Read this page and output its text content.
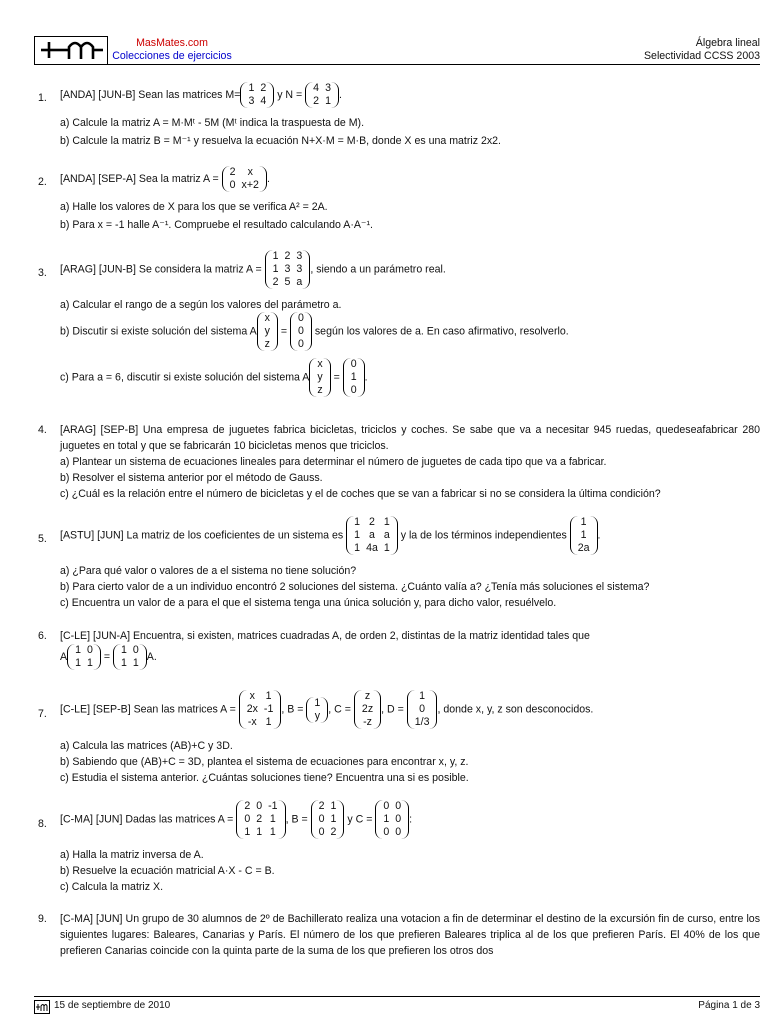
MasMates.com
Colecciones de ejercicios
Álgebra lineal
Selectividad CCSS 2003
1.	[ANDA] [JUN-B] Sean las matrices M=
1	2
3	4
y N =
4	3
2	1
.
a) Calcule la matriz A = M·Mᵗ - 5M (Mᵗ indica la traspuesta de M).
b) Calcule la matriz B = M⁻¹ y resuelva la ecuación N+X·M = M·B, donde X es una matriz 2x2.
2.	[ANDA] [SEP-A] Sea la matriz A =
2	x
0	x+2
.
a) Halle los valores de X para los que se verifica A² = 2A.
b) Para x = -1 halle A⁻¹. Compruebe el resultado calculando A·A⁻¹.
3.	[ARAG] [JUN-B] Se considera la matriz A =
1	2	3
1	3	3
2	5	a
, siendo a un parámetro real.
a) Calcular el rango de a según los valores del parámetro a.
b) Discutir si existe solución del sistema A
x
y
z
=
0
0
0
según los valores de a. En caso afirmativo, resolverlo.
c) Para a = 6, discutir si existe solución del sistema A
x
y
z
=
0
1
0
.
4.	[ARAG] [SEP-B] Una empresa de juguetes fabrica bicicletas, triciclos y coches. Se sabe que va a necesitar 945 ruedas, quedeseafabricar 280 juguetes en total y que se fabricarán 10 bicicletas menos que triciclos.
a) Plantear un sistema de ecuaciones lineales para determinar el número de juguetes de cada tipo que va a fabricar.
b) Resolver el sistema anterior por el método de Gauss.
c) ¿Cuál es la relación entre el número de bicicletas y el de coches que se van a fabricar si no se considera la última condición?
5.	[ASTU] [JUN] La matriz de los coeficientes de un sistema es
1	2	1
1	a	a
1	4a	1
y la de los términos independientes
1
1
2a
.
a) ¿Para qué valor o valores de a el sistema no tiene solución?
b) Para cierto valor de a un individuo encontró 2 soluciones del sistema. ¿Cuánto valía a? ¿Tenía más soluciones el sistema?
c) Encuentra un valor de a para el que el sistema tenga una única solución y, para dicho valor, resuélvelo.
6.	[C-LE] [JUN-A] Encuentra, si existen, matrices cuadradas A, de orden 2, distintas de la matriz identidad tales que
A
1	0
1	1
=
1	0
1	1
A.
7.	[C-LE] [SEP-B] Sean las matrices A =
x	1
2x	-1
-x	1
, B =
1
y
, C =
z
2z
-z
, D =
1
0
1/3
, donde x, y, z son desconocidos.
a) Calcula las matrices (AB)+C y 3D.
b) Sabiendo que (AB)+C = 3D, plantea el sistema de ecuaciones para encontrar x, y, z.
c) Estudia el sistema anterior. ¿Cuántas soluciones tiene? Encuentra una si es posible.
8.	[C-MA] [JUN] Dadas las matrices A =
2	0	-1
0	2	1
1	1	1
, B =
2	1
0	1
0	2
y C =
0	0
1	0
0	0
:
a) Halla la matriz inversa de A.
b) Resuelve la ecuación matricial A·X - C = B.
c) Calcula la matriz X.
9.	[C-MA] [JUN] Un grupo de 30 alumnos de 2º de Bachillerato realiza una votacion a fin de determinar el destino de la excursión fin de curso, entre los siguientes lugares: Baleares, Canarias y París. El número de los que prefieren Baleares triplica al de los que prefieren París. El 40% de los que prefieren Canarias coincide con la quinta parte de la suma de los que prefieren los otros dos
15 de septiembre de 2010	Página 1 de 3
